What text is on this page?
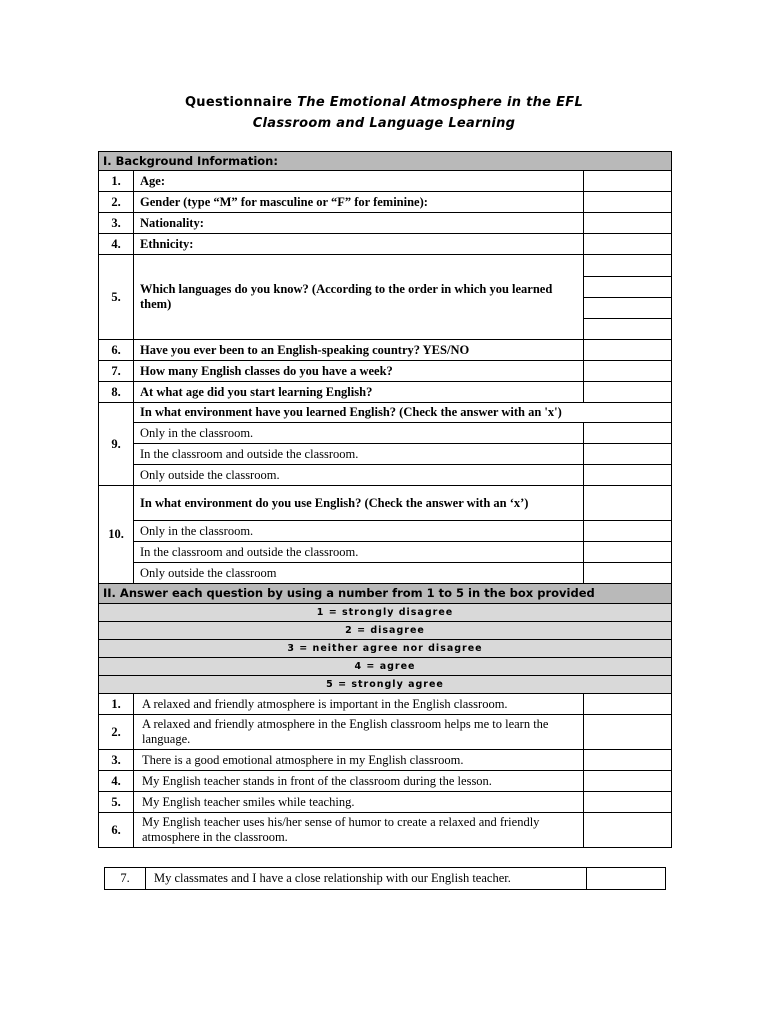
Questionnaire The Emotional Atmosphere in the EFL
Classroom and Language Learning
I. Background Information:
1.	Age:	
2.	Gender (type “M” for masculine or “F” for feminine):	
3.	Nationality:	
4.	Ethnicity:	
5.	Which languages do you know? (According to the order in which you learned them)	

6.	Have you ever been to an English-speaking country? YES/NO	
7.	How many English classes do you have a week?	
8.	At what age did you start learning English?	
9.	In what environment have you learned English? (Check the answer with an 'x')
Only in the classroom.	
In the classroom and outside the classroom.	
Only outside the classroom.	
10.	In what environment do you use English? (Check the answer with an ‘x’)	
Only in the classroom.	
In the classroom and outside the classroom.	
Only outside the classroom	
II. Answer each question by using a number from 1 to 5 in the box provided
1 = strongly disagree
2 = disagree
3 = neither agree nor disagree
4 = agree
5 = strongly agree
1.	A relaxed and friendly atmosphere is important in the English classroom.	
2.	A relaxed and friendly atmosphere in the English classroom helps me to learn the language.	
3.	There is a good emotional atmosphere in my English classroom.	
4.	My English teacher stands in front of the classroom during the lesson.	
5.	My English teacher smiles while teaching.	
6.	My English teacher uses his/her sense of humor to create a relaxed and friendly atmosphere in the classroom.	
7.	My classmates and I have a close relationship with our English teacher.	
